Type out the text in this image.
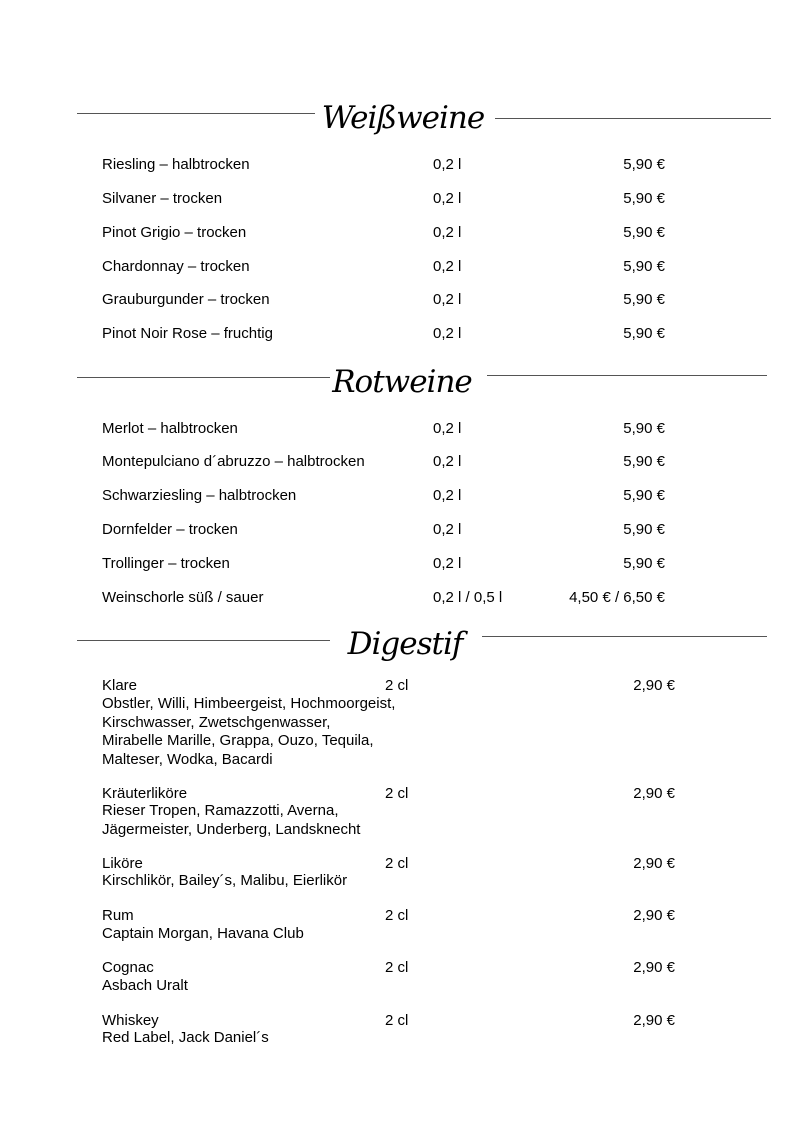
Weißweine
Riesling – halbtrocken	0,2 l	5,90 €
Silvaner – trocken	0,2 l	5,90 €
Pinot Grigio – trocken	0,2 l	5,90 €
Chardonnay – trocken	0,2 l	5,90 €
Grauburgunder – trocken	0,2 l	5,90 €
Pinot Noir Rose – fruchtig	0,2 l	5,90 €
Rotweine
Merlot – halbtrocken	0,2 l	5,90 €
Montepulciano d´abruzzo – halbtrocken	0,2 l	5,90 €
Schwarziesling – halbtrocken	0,2 l	5,90 €
Dornfelder – trocken	0,2 l	5,90 €
Trollinger – trocken	0,2 l	5,90 €
Weinschorle süß / sauer	0,2 l / 0,5 l	4,50 € / 6,50 €
Digestif
Klare	2 cl	2,90 €
Obstler, Willi, Himbeergeist, Hochmoorgeist,
Kirschwasser, Zwetschgenwasser,
Mirabelle Marille, Grappa, Ouzo, Tequila,
Malteser, Wodka, Bacardi
Kräuterliköre	2 cl	2,90 €
Rieser Tropen, Ramazzotti, Averna,
Jägermeister, Underberg, Landsknecht
Liköre	2 cl	2,90 €
Kirschlikör, Bailey´s, Malibu, Eierlikör
Rum	2 cl	2,90 €
Captain Morgan, Havana Club
Cognac	2 cl	2,90 €
Asbach Uralt
Whiskey	2 cl	2,90 €
Red Label, Jack Daniel´s
